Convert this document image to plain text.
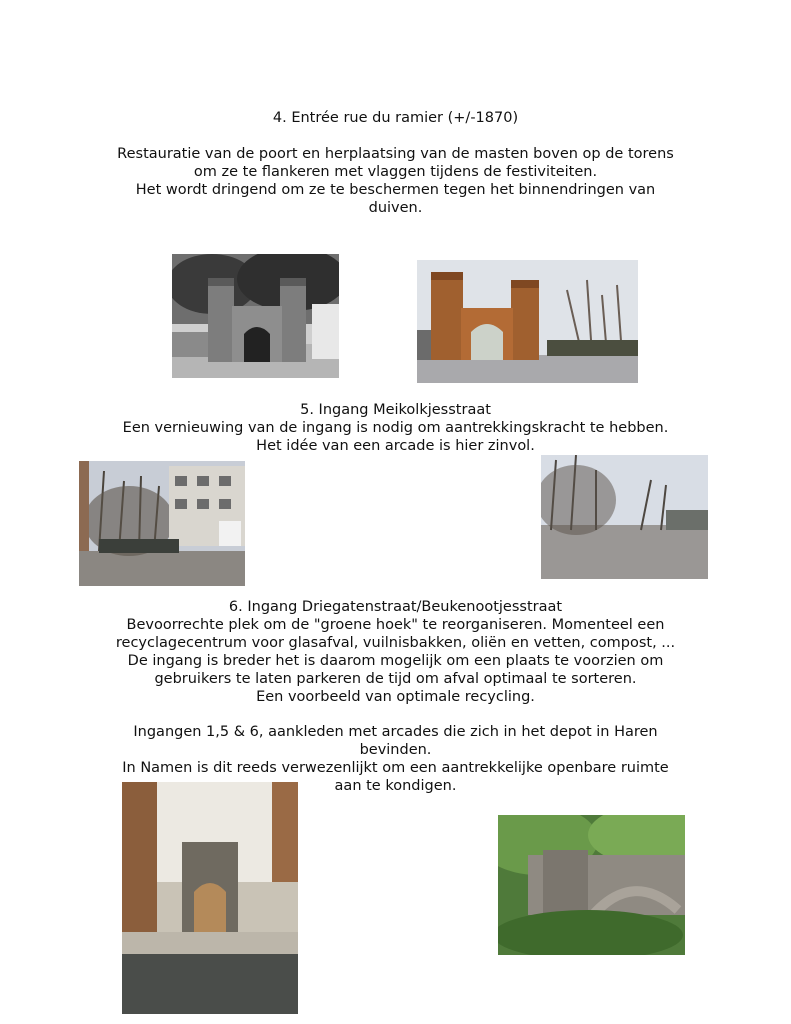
4. Entrée rue du ramier (+/-1870)
Restauratie van de poort en herplaatsing van de masten boven op de torens
om ze te flankeren met vlaggen tijdens de festiviteiten.
Het wordt dringend om ze te beschermen tegen het binnendringen van
duiven.
5. Ingang Meikolkjesstraat
Een vernieuwing van de ingang is nodig om aantrekkingskracht te hebben.
Het idée van een arcade is hier zinvol.
6. Ingang Driegatenstraat/Beukenootjesstraat
Bevoorrechte plek om de "groene hoek" te reorganiseren. Momenteel een
recyclagecentrum voor glasafval, vuilnisbakken, oliën en vetten, compost, ...
De ingang is breder het is daarom mogelijk om een plaats te voorzien om
gebruikers te laten parkeren de tijd om afval optimaal te sorteren.
Een voorbeeld van optimale recycling.
Ingangen 1,5 & 6, aankleden met arcades die zich in het depot in Haren
bevinden.
In Namen is dit reeds verwezenlijkt om een aantrekkelijke openbare ruimte
aan te kondigen.
